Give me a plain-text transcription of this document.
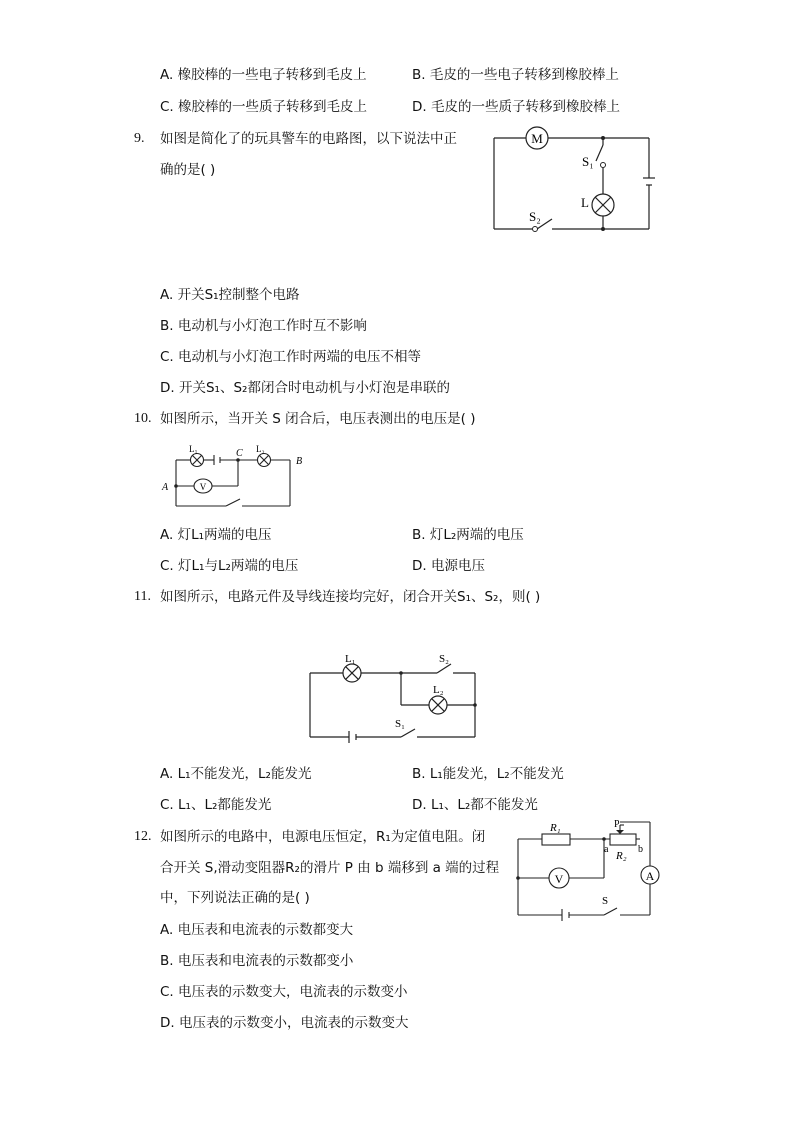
A. 橡胶棒的一些电子转移到毛皮上	B. 毛皮的一些电子转移到橡胶棒上
C. 橡胶棒的一些质子转移到毛皮上	D. 毛皮的一些质子转移到橡胶棒上
9. 如图是简化了的玩具警车的电路图，以下说法中正
确的是( )
M
S₁
L
S₂
A. 开关S₁控制整个电路
B. 电动机与小灯泡工作时互不影响
C. 电动机与小灯泡工作时两端的电压不相等
D. 开关S₁、S₂都闭合时电动机与小灯泡是串联的
10. 如图所示，当开关 S 闭合后，电压表测出的电压是( )
L₁	L₂
C
B
A	V
A. 灯L₁两端的电压	B. 灯L₂两端的电压
C. 灯L₁与L₂两端的电压	D. 电源电压
11. 如图所示，电路元件及导线连接均完好，闭合开关S₁、S₂，则( )
L₁	S₂
L₂
S₁
A. L₁不能发光，L₂能发光	B. L₁能发光，L₂不能发光
C. L₁、L₂都能发光	D. L₁、L₂都不能发光
12. 如图所示的电路中，电源电压恒定，R₁为定值电阻。闭
合开关 S,滑动变阻器R₂的滑片 P 由 b 端移到 a 端的过程
中，下列说法正确的是( )
R₁	P
a	b
R₂
V	A
S
A. 电压表和电流表的示数都变大
B. 电压表和电流表的示数都变小
C. 电压表的示数变大，电流表的示数变小
D. 电压表的示数变小，电流表的示数变大
